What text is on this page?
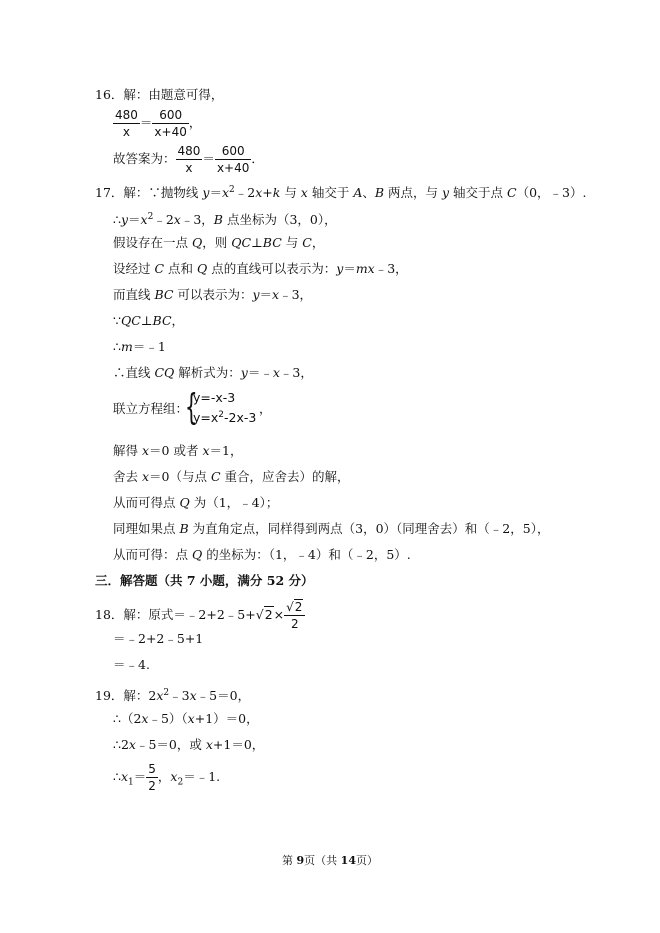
16．解：由题意可得，
$\frac{480}{x} = \frac{600}{x+40}$ ，
故答案为： $\frac{480}{x} = \frac{600}{x+40}$ ．
17．解：∵抛物线 $y=x^2﹣2x+k$ 与 x 轴交于 A、B 两点，与 y 轴交于点 C（0，﹣3）.
$\therefore y=x^2﹣2x﹣3$，B 点坐标为（3，0），
假设存在一点 Q，则 QC⊥BC 与 C，
设经过 C 点和 Q 点的直线可以表示为：y＝mx﹣3，
而直线 BC 可以表示为：y＝x﹣3，
∵QC⊥BC，
∴m＝﹣1
∴直线 CQ 解析式为：y＝﹣x﹣3，
联立方程组：
{
y=-x-3
$y=x^2-2x-3$
，
解得 x＝0 或者 x＝1，
舍去 x＝0（与点 C 重合，应舍去）的解，
从而可得点 Q 为（1，﹣4）；
同理如果点 B 为直角定点，同样得到两点（3，0）（同理舍去）和（﹣2，5），
从而可得：点 Q 的坐标为：（1，﹣4）和（﹣2，5）.
三．解答题（共 7 小题，满分 52 分）
18．解：原式＝﹣2+2﹣5+√2× $\frac{√2}{2}$
＝﹣2+2﹣5+1
＝﹣4.
19．解：$2x^2﹣3x﹣5=0$，
∴（2x﹣5）（x+1）＝0，
∴2x﹣5＝0，或 x+1＝0，
$\therefore x_1= \frac{5}{2}$ ，$x_2=﹣1$.
第 9页（共 14页）
